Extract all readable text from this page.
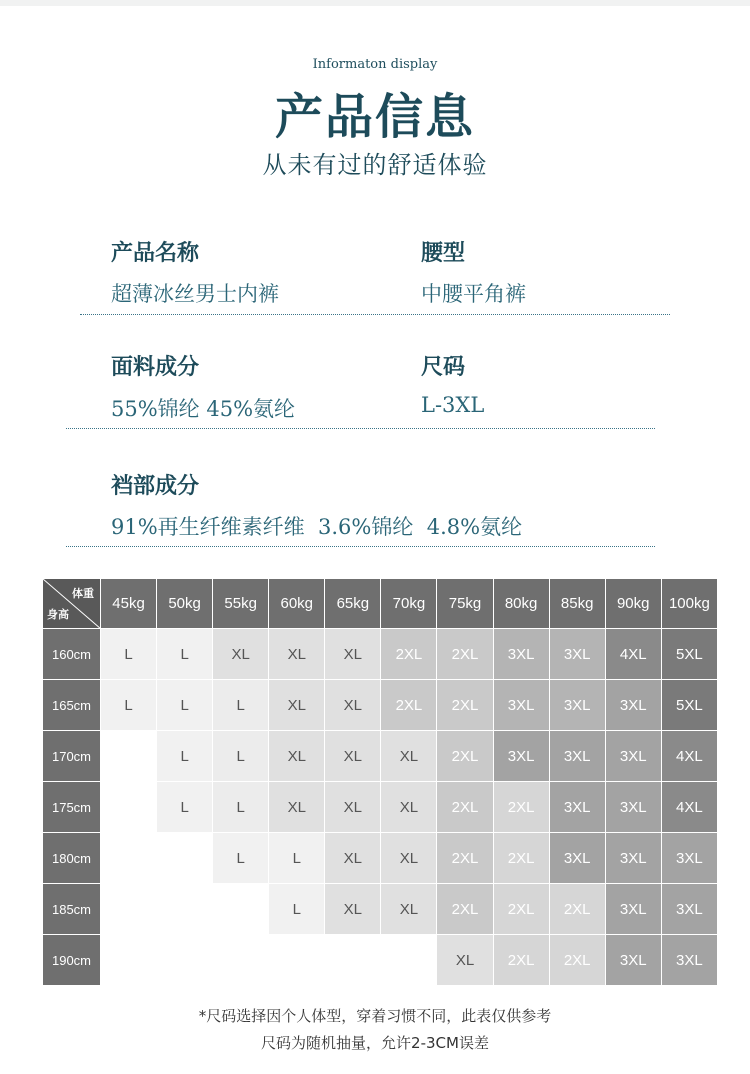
Informaton display
产品信息
从未有过的舒适体验
产品名称
超薄冰丝男士内裤
腰型
中腰平角裤
面料成分
55%锦纶 45%氨纶
尺码
L-3XL
裆部成分
91%再生纤维素纤维  3.6%锦纶  4.8%氨纶
体重
身高	45kg	50kg	55kg	60kg	65kg	70kg	75kg	80kg	85kg	90kg	100kg
160cm	L	L	XL	XL	XL	2XL	2XL	3XL	3XL	4XL	5XL
165cm	L	L	L	XL	XL	2XL	2XL	3XL	3XL	3XL	5XL
170cm		L	L	XL	XL	XL	2XL	3XL	3XL	3XL	4XL
175cm		L	L	XL	XL	XL	2XL	2XL	3XL	3XL	4XL
180cm			L	L	XL	XL	2XL	2XL	3XL	3XL	3XL
185cm				L	XL	XL	2XL	2XL	2XL	3XL	3XL
190cm							XL	2XL	2XL	3XL	3XL
*尺码选择因个人体型，穿着习惯不同，此表仅供参考
尺码为随机抽量，允许2-3CM误差
